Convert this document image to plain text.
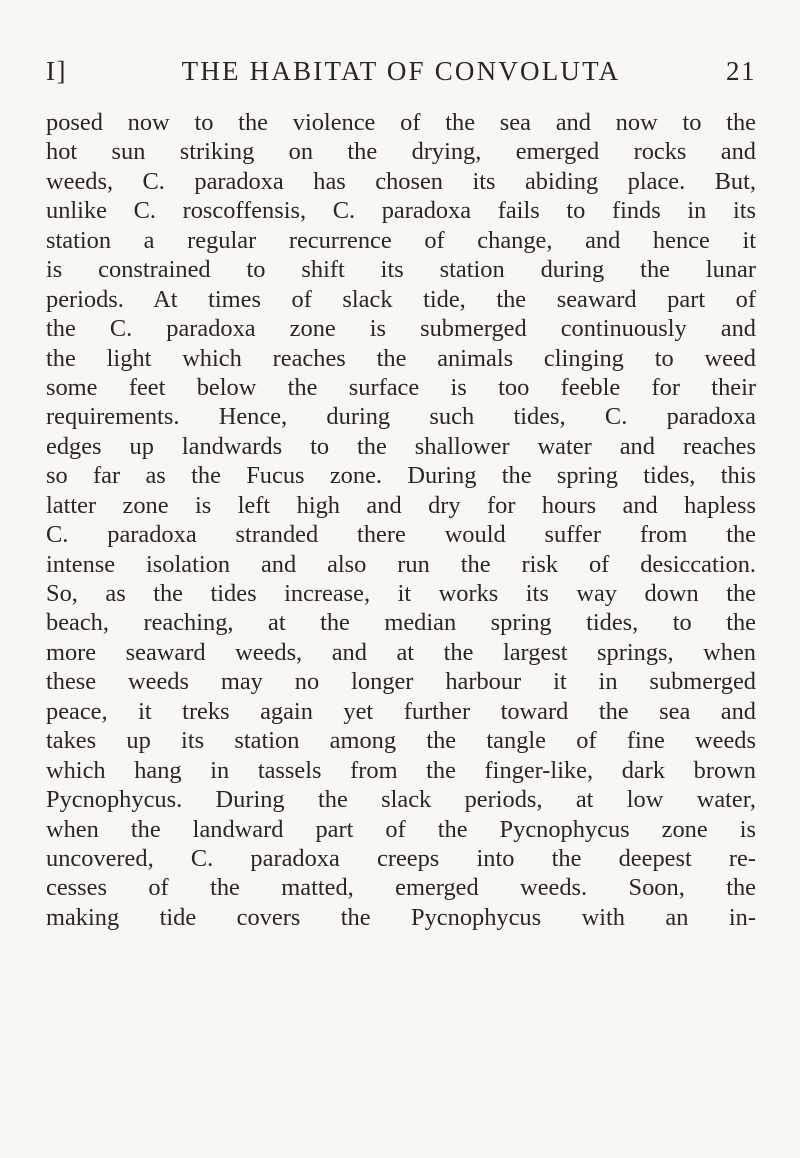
I]	THE HABITAT OF CONVOLUTA	21
posed now to the violence of the sea and now to the
hot sun striking on the drying, emerged rocks and
weeds, C. paradoxa has chosen its abiding place. But,
unlike C. roscoffensis, C. paradoxa fails to finds in its
station a regular recurrence of change, and hence it
is constrained to shift its station during the lunar
periods. At times of slack tide, the seaward part of
the C. paradoxa zone is submerged continuously and
the light which reaches the animals clinging to weed
some feet below the surface is too feeble for their
requirements. Hence, during such tides, C. paradoxa
edges up landwards to the shallower water and reaches
so far as the Fucus zone. During the spring tides, this
latter zone is left high and dry for hours and hapless
C. paradoxa stranded there would suffer from the
intense isolation and also run the risk of desiccation.
So, as the tides increase, it works its way down the
beach, reaching, at the median spring tides, to the
more seaward weeds, and at the largest springs, when
these weeds may no longer harbour it in submerged
peace, it treks again yet further toward the sea and
takes up its station among the tangle of fine weeds
which hang in tassels from the finger-like, dark brown
Pycnophycus. During the slack periods, at low water,
when the landward part of the Pycnophycus zone is
uncovered, C. paradoxa creeps into the deepest re-
cesses of the matted, emerged weeds. Soon, the
making tide covers the Pycnophycus with an in-
